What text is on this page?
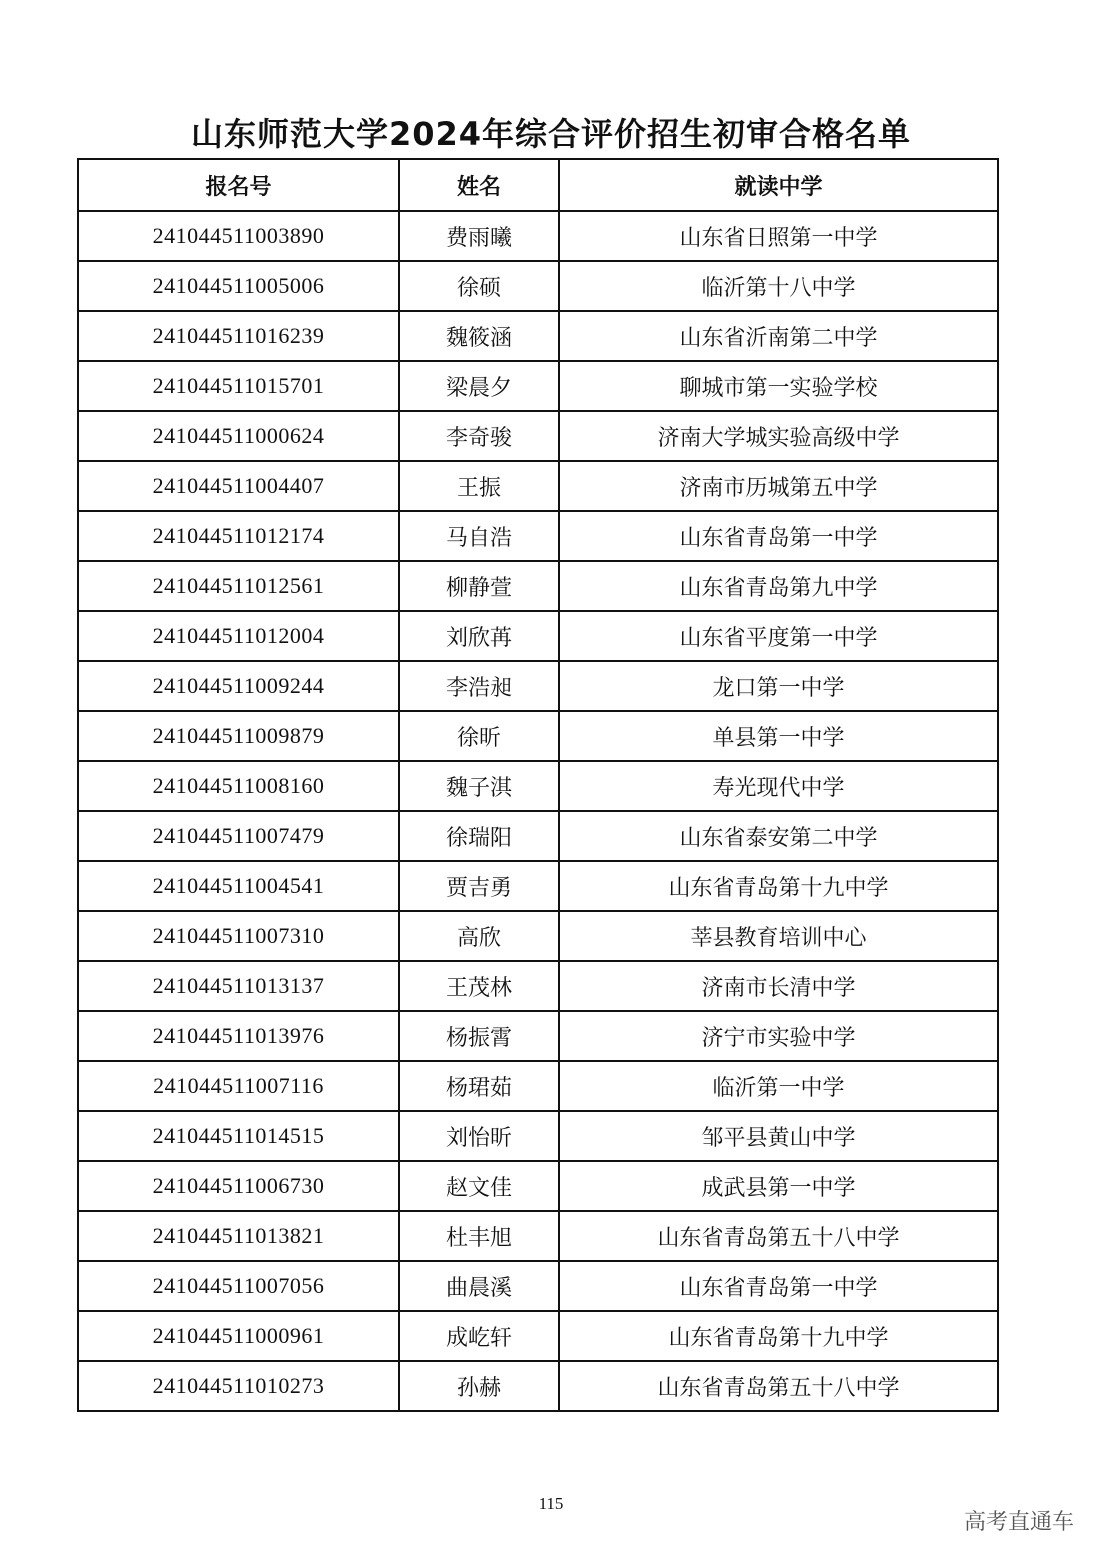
山东师范大学2024年综合评价招生初审合格名单
报名号	姓名	就读中学
241044511003890	费雨曦	山东省日照第一中学
241044511005006	徐硕	临沂第十八中学
241044511016239	魏筱涵	山东省沂南第二中学
241044511015701	梁晨夕	聊城市第一实验学校
241044511000624	李奇骏	济南大学城实验高级中学
241044511004407	王振	济南市历城第五中学
241044511012174	马自浩	山东省青岛第一中学
241044511012561	柳静萱	山东省青岛第九中学
241044511012004	刘欣苒	山东省平度第一中学
241044511009244	李浩昶	龙口第一中学
241044511009879	徐昕	单县第一中学
241044511008160	魏子淇	寿光现代中学
241044511007479	徐瑞阳	山东省泰安第二中学
241044511004541	贾吉勇	山东省青岛第十九中学
241044511007310	高欣	莘县教育培训中心
241044511013137	王茂林	济南市长清中学
241044511013976	杨振霄	济宁市实验中学
241044511007116	杨珺茹	临沂第一中学
241044511014515	刘怡昕	邹平县黄山中学
241044511006730	赵文佳	成武县第一中学
241044511013821	杜丰旭	山东省青岛第五十八中学
241044511007056	曲晨溪	山东省青岛第一中学
241044511000961	成屹轩	山东省青岛第十九中学
241044511010273	孙赫	山东省青岛第五十八中学
115
高考直通车
